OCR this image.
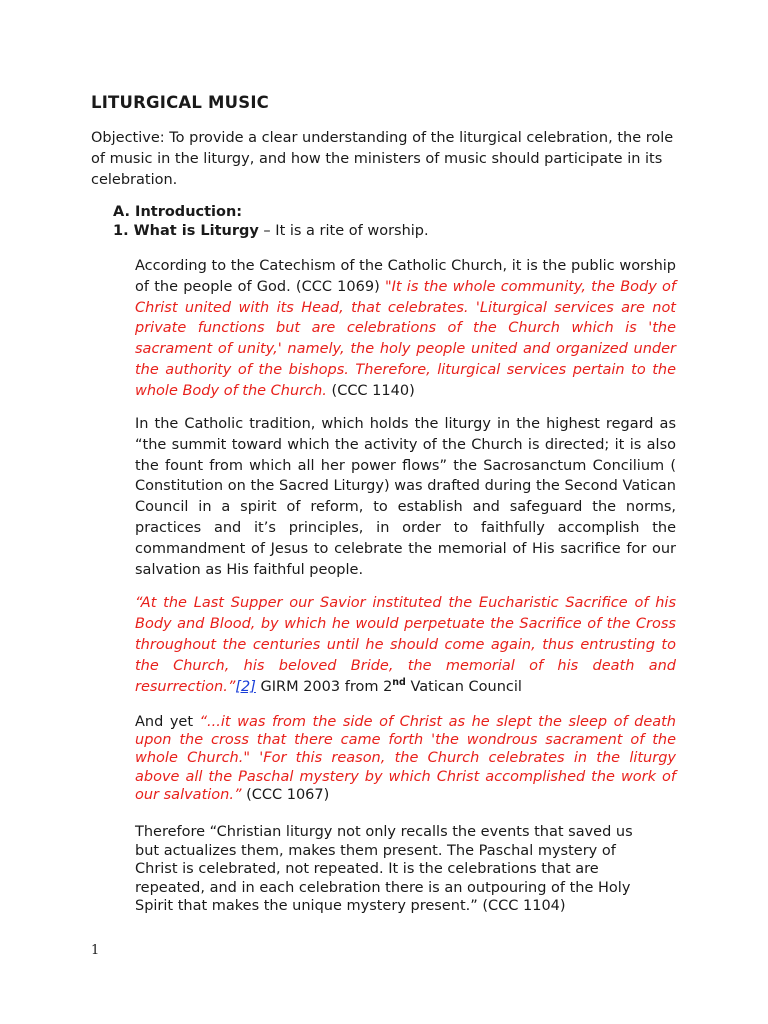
LITURGICAL MUSIC

Objective: To provide a clear understanding of the liturgical celebration, the role of music in the liturgy, and how the ministers of music should participate in its celebration.

A. Introduction:

1. What is Liturgy – It is a rite of worship.

According to the Catechism of the Catholic Church, it is the public worship of the people of God. (CCC 1069) "It is the whole community, the Body of Christ united with its Head, that celebrates. 'Liturgical services are not private functions but are celebrations of the Church which is 'the sacrament of unity,' namely, the holy people united and organized under the authority of the bishops. Therefore, liturgical services pertain to the whole Body of the Church. (CCC 1140)

In the Catholic tradition, which holds the liturgy in the highest regard as “the summit toward which the activity of the Church is directed; it is also the fount from which all her power flows” the Sacrosanctum Concilium ( Constitution on the Sacred Liturgy) was drafted during the Second Vatican Council in a spirit of reform, to establish and safeguard the norms, practices and it’s principles, in order to faithfully accomplish the commandment of Jesus to celebrate the memorial of His sacrifice for our salvation as His faithful people.

“At the Last Supper our Savior instituted the Eucharistic Sacrifice of his Body and Blood, by which he would perpetuate the Sacrifice of the Cross throughout the centuries until he should come again, thus entrusting to the Church, his beloved Bride, the memorial of his death and resurrection.”[2] GIRM 2003 from 2nd Vatican Council

And yet “...it was from the side of Christ as he slept the sleep of death upon the cross that there came forth 'the wondrous sacrament of the whole Church." 'For this reason, the Church celebrates in the liturgy above all the Paschal mystery by which Christ accomplished the work of our salvation.” (CCC 1067)

Therefore “Christian liturgy not only recalls the events that saved us but actualizes them, makes them present. The Paschal mystery of Christ is celebrated, not repeated. It is the celebrations that are repeated, and in each celebration there is an outpouring of the Holy Spirit that makes the unique mystery present.” (CCC 1104)

1
